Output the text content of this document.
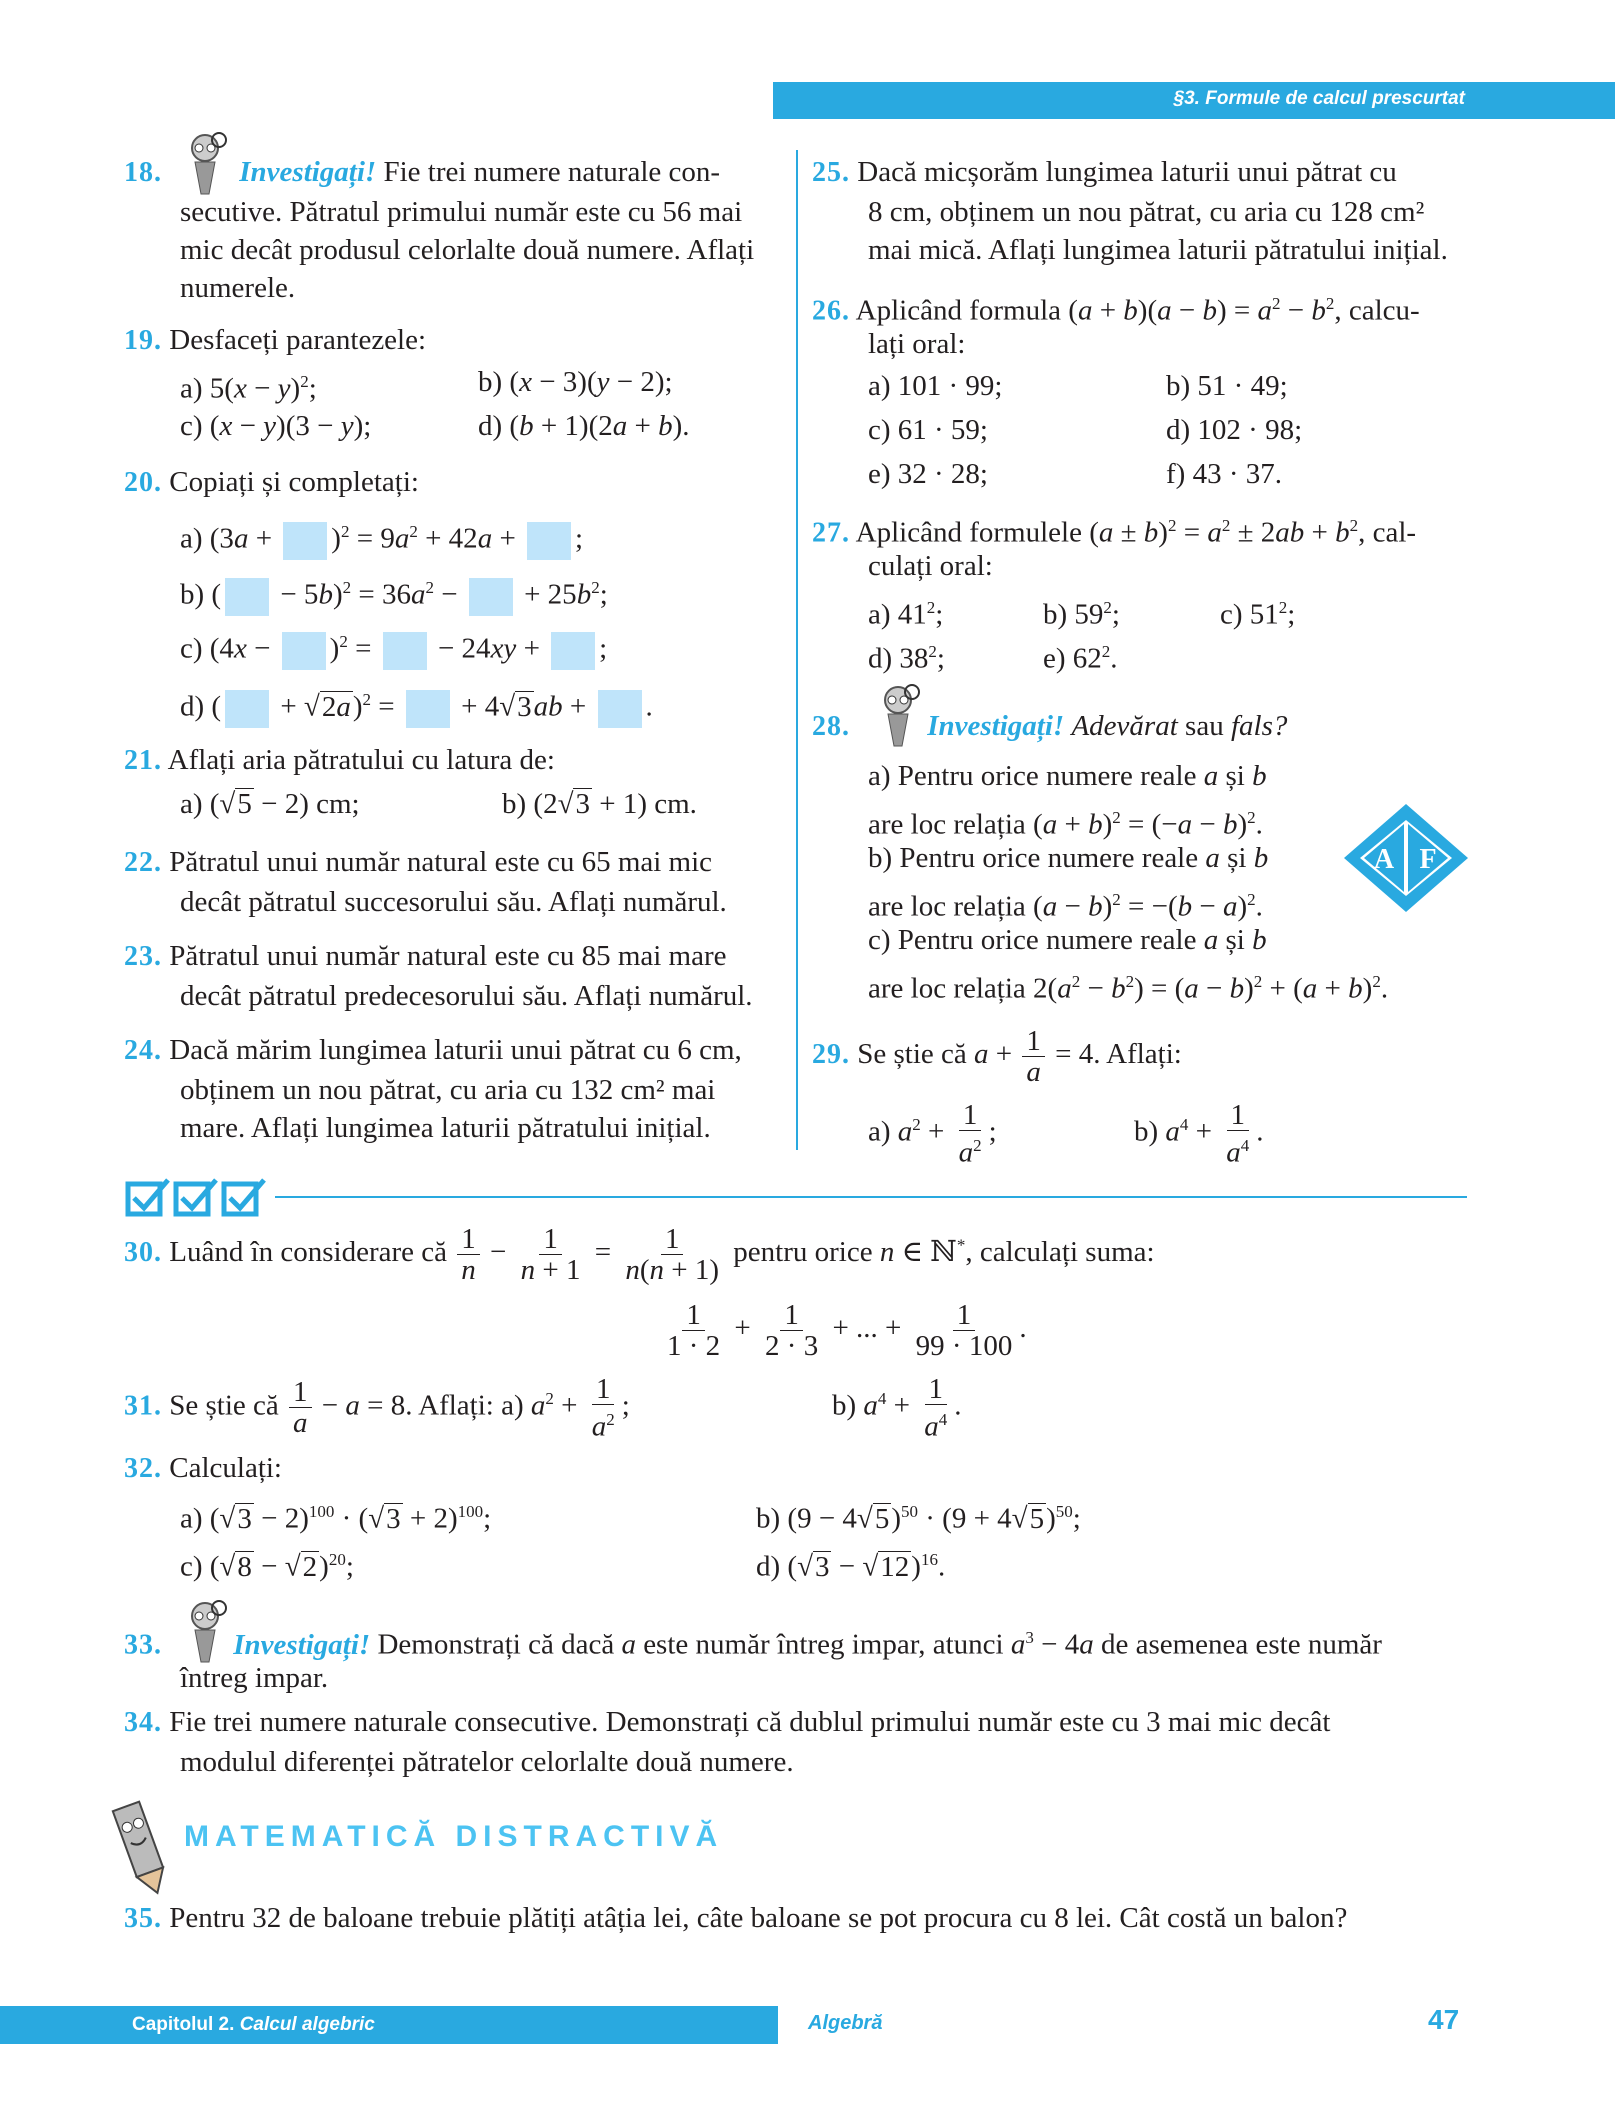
§3. Formule de calcul prescurtat
18.	Investigați! Fie trei numere naturale con-
secutive. Pătratul primului număr este cu 56 mai
mic decât produsul celorlalte două numere. Aflați
numerele.
19. Desfaceți parantezele:
a) $5(x - y)^2$;	b) (x − 3)(y − 2);
c) (x − y)(3 − y);	d) (b + 1)(2a + b).
20. Copiați și completați:
a) $(3a + )^2 = 9a^2 + 42a$ + ;
b) ( − $5b)^2 = 36a^2$ −  + $25b^2$;
c) $(4x - )^2$ =  − 24xy + ;
d) ( + √2a)$^2$ =  + 4√3ab + .
21. Aflați aria pătratului cu latura de:
a) (√5 − 2) cm;	b) (2√3 + 1) cm.
22. Pătratul unui număr natural este cu 65 mai mic
decât pătratul succesorului său. Aflați numărul.
23. Pătratul unui număr natural este cu 85 mai mare
decât pătratul predecesorului său. Aflați numărul.
24. Dacă mărim lungimea laturii unui pătrat cu 6 cm,
obținem un nou pătrat, cu aria cu 132 cm² mai
mare. Aflați lungimea laturii pătratului inițial.
25. Dacă micșorăm lungimea laturii unui pătrat cu
8 cm, obținem un nou pătrat, cu aria cu 128 cm²
mai mică. Aflați lungimea laturii pătratului inițial.
26. Aplicând formula $(a + b)(a - b) = a^2 - b^2$, calcu-
lați oral:
a) 101 · 99;	b) 51 · 49;
c) 61 · 59;	d) 102 · 98;
e) 32 · 28;	f) 43 · 37.
27. Aplicând formulele $(a \pm b)^2 = a^2 \pm 2ab + b^2$, cal-
culați oral:
a) $41^2$;	b) $59^2$;	c) $51^2$;
d) $38^2$;	e) $62^2$.
28.	Investigați! Adevărat sau fals?
a) Pentru orice numere reale a și b
are loc relația $(a + b)^2 = (-a - b)^2$.
b) Pentru orice numere reale a și b
are loc relația $(a - b)^2 = -(b - a)^2$.
c) Pentru orice numere reale a și b
are loc relația $2(a^2 - b^2) = (a - b)^2 + (a + b)^2$.
A F
29. Se știe că $a + \frac{1}{a} = 4$. Aflați:
a) $a^2 + \frac{1}{a^2}$ ;	b) $a^4 + \frac{1}{a^4}$ .
30. Luând în considerare că $\frac{1}{n} - \frac{1}{n + 1} = \frac{1}{n(n + 1)}$ pentru orice n ∈ ℕ*, calculați suma:
$\frac{1}{1 \cdot 2} + \frac{1}{2 \cdot 3}$ + ... + $\frac{1}{99 \cdot 100}$ .
31. Se știe că $\frac{1}{a} - a = 8$. Aflați: a) $a^2 + \frac{1}{a^2}$ ;	b) $a^4 + \frac{1}{a^4}$ .
32. Calculați:
a) $(√3 - 2)^{100} \cdot (√3 + 2)^{100}$;	b) $(9 - 4√5)^{50} \cdot (9 + 4√5)^{50}$;
c) $(√8 - √2)^{20}$;	d) $(√3 - √12)^{16}$.
33. Investigați! Demonstrați că dacă a este număr întreg impar, atunci $a^3 - 4a$ de asemenea este număr
întreg impar.
34. Fie trei numere naturale consecutive. Demonstrați că dublul primului număr este cu 3 mai mic decât
modulul diferenței pătratelor celorlalte două numere.
MATEMATICĂ DISTRACTIVĂ
35. Pentru 32 de baloane trebuie plătiți atâția lei, câte baloane se pot procura cu 8 lei. Cât costă un balon?
Capitolul 2. Calcul algebric	Algebră	47
